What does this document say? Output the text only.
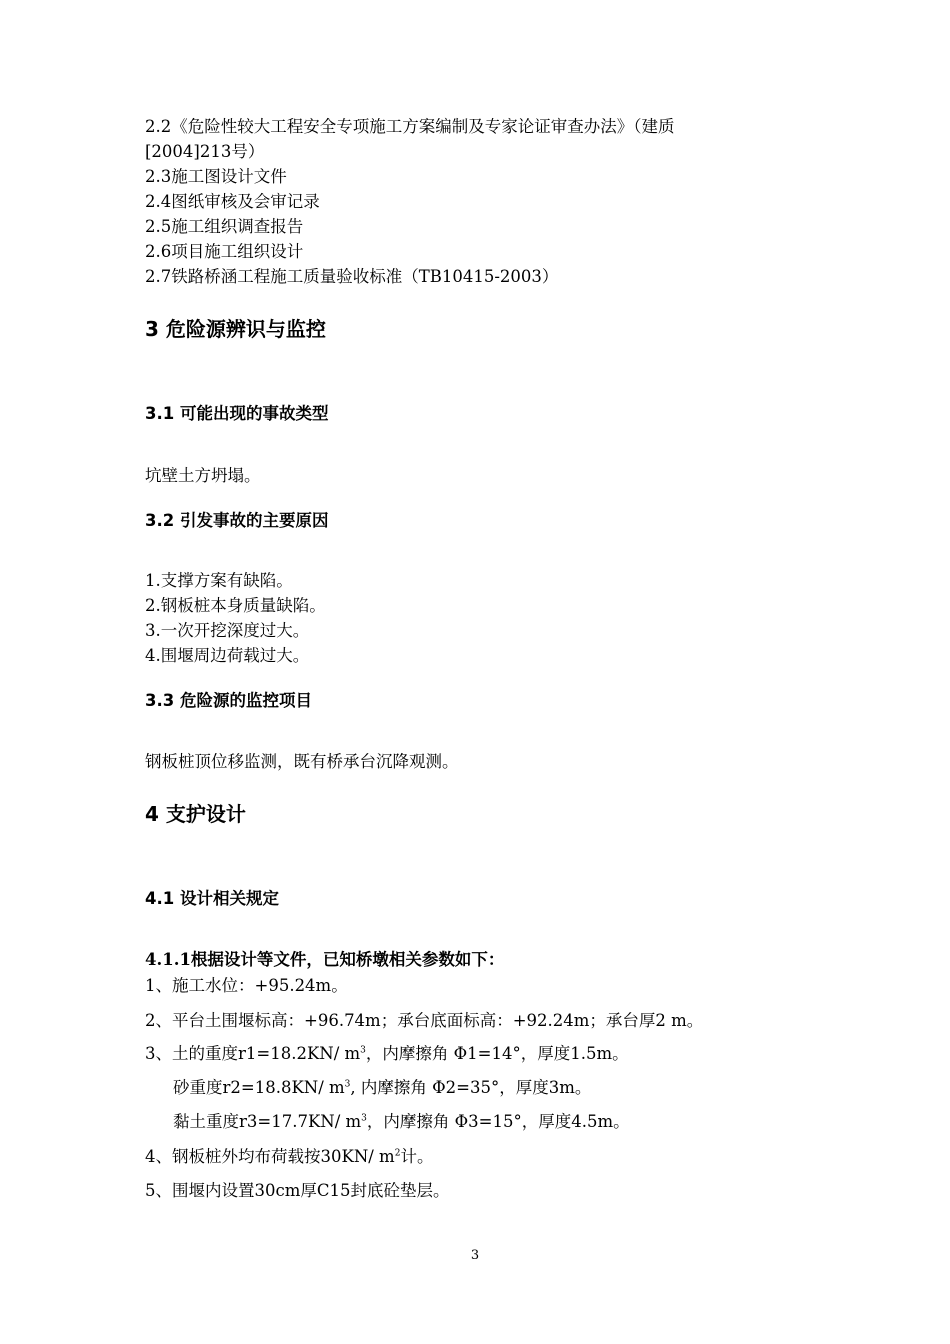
2.2《危险性较大工程安全专项施工方案编制及专家论证审查办法》（建质
[2004]213号）
2.3施工图设计文件
2.4图纸审核及会审记录
2.5施工组织调查报告
2.6项目施工组织设计
2.7铁路桥涵工程施工质量验收标准（TB10415-2003）
3 危险源辨识与监控
3.1 可能出现的事故类型
坑壁土方坍塌。
3.2 引发事故的主要原因
1.支撑方案有缺陷。
2.钢板桩本身质量缺陷。
3.一次开挖深度过大。
4.围堰周边荷载过大。
3.3 危险源的监控项目
钢板桩顶位移监测，既有桥承台沉降观测。
4 支护设计
4.1 设计相关规定
4.1.1根据设计等文件，已知桥墩相关参数如下：
1、施工水位：+95.24m。
2、平台土围堰标高：+96.74m；承台底面标高：+92.24m；承台厚2 m。
3、土的重度r1=18.2KN/ $m^3$，内摩擦角 Φ1=14°，厚度1.5m。
砂重度r2=18.8KN/ $m^3$, 内摩擦角 Φ2=35°，厚度3m。
黏土重度r3=17.7KN/ $m^3$，内摩擦角 Φ3=15°，厚度4.5m。
4、钢板桩外均布荷载按30KN/ $m^2$计。
5、围堰内设置30cm厚C15封底砼垫层。
3
